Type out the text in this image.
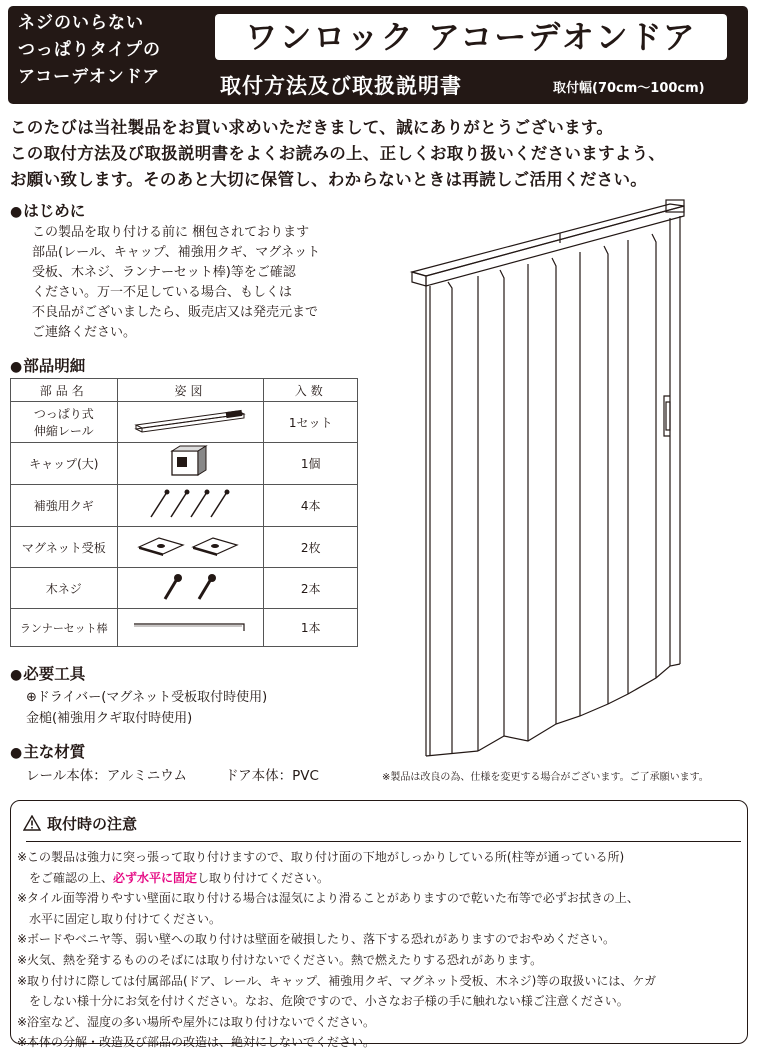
ネジのいらない
つっぱりタイプの
アコーデオンドア
ワンロック アコーデオンドア
取付方法及び取扱説明書	取付幅(70cm〜100cm)
このたびは当社製品をお買い求めいただきまして、誠にありがとうございます。
この取付方法及び取扱説明書をよくお読みの上、正しくお取り扱いくださいますよう、
お願い致します。そのあと大切に保管し、わからないときは再読しご活用ください。
●はじめに
この製品を取り付ける前に 梱包されております
部品(レール、キャップ、補強用クギ、マグネット
受板、木ネジ、ランナーセット棒)等をご確認
ください。万一不足している場合、もしくは
不良品がございましたら、販売店又は発売元まで
ご連絡ください。
●部品明細
部品名	姿図	入数

つっぱり式
伸縮レール		1セット

キャップ(大)		1個

補強用クギ		4本

マグネット受板		2枚

木ネジ		2本

ランナーセット棒		1本
●必要工具
⊕ドライバー(マグネット受板取付時使用)
金槌(補強用クギ取付時使用)
●主な材質
レール本体：アルミニウム	ドア本体：PVC	※製品は改良の為、仕様を変更する場合がございます。ご了承願います。
取付時の注意
※この製品は強力に突っ張って取り付けますので、取り付け面の下地がしっかりしている所(柱等が通っている所)
をご確認の上、必ず水平に固定し取り付けてください。
※タイル面等滑りやすい壁面に取り付ける場合は湿気により滑ることがありますので乾いた布等で必ずお拭きの上、
水平に固定し取り付けてください。
※ボードやベニヤ等、弱い壁への取り付けは壁面を破損したり、落下する恐れがありますのでおやめください。
※火気、熱を発するもののそばには取り付けないでください。熱で燃えたりする恐れがあります。
※取り付けに際しては付属部品(ドア、レール、キャップ、補強用クギ、マグネット受板、木ネジ)等の取扱いには、ケガ
をしない様十分にお気を付けください。なお、危険ですので、小さなお子様の手に触れない様ご注意ください。
※浴室など、湿度の多い場所や屋外には取り付けないでください。
※本体の分解・改造及び部品の改造は、絶対にしないでください。
